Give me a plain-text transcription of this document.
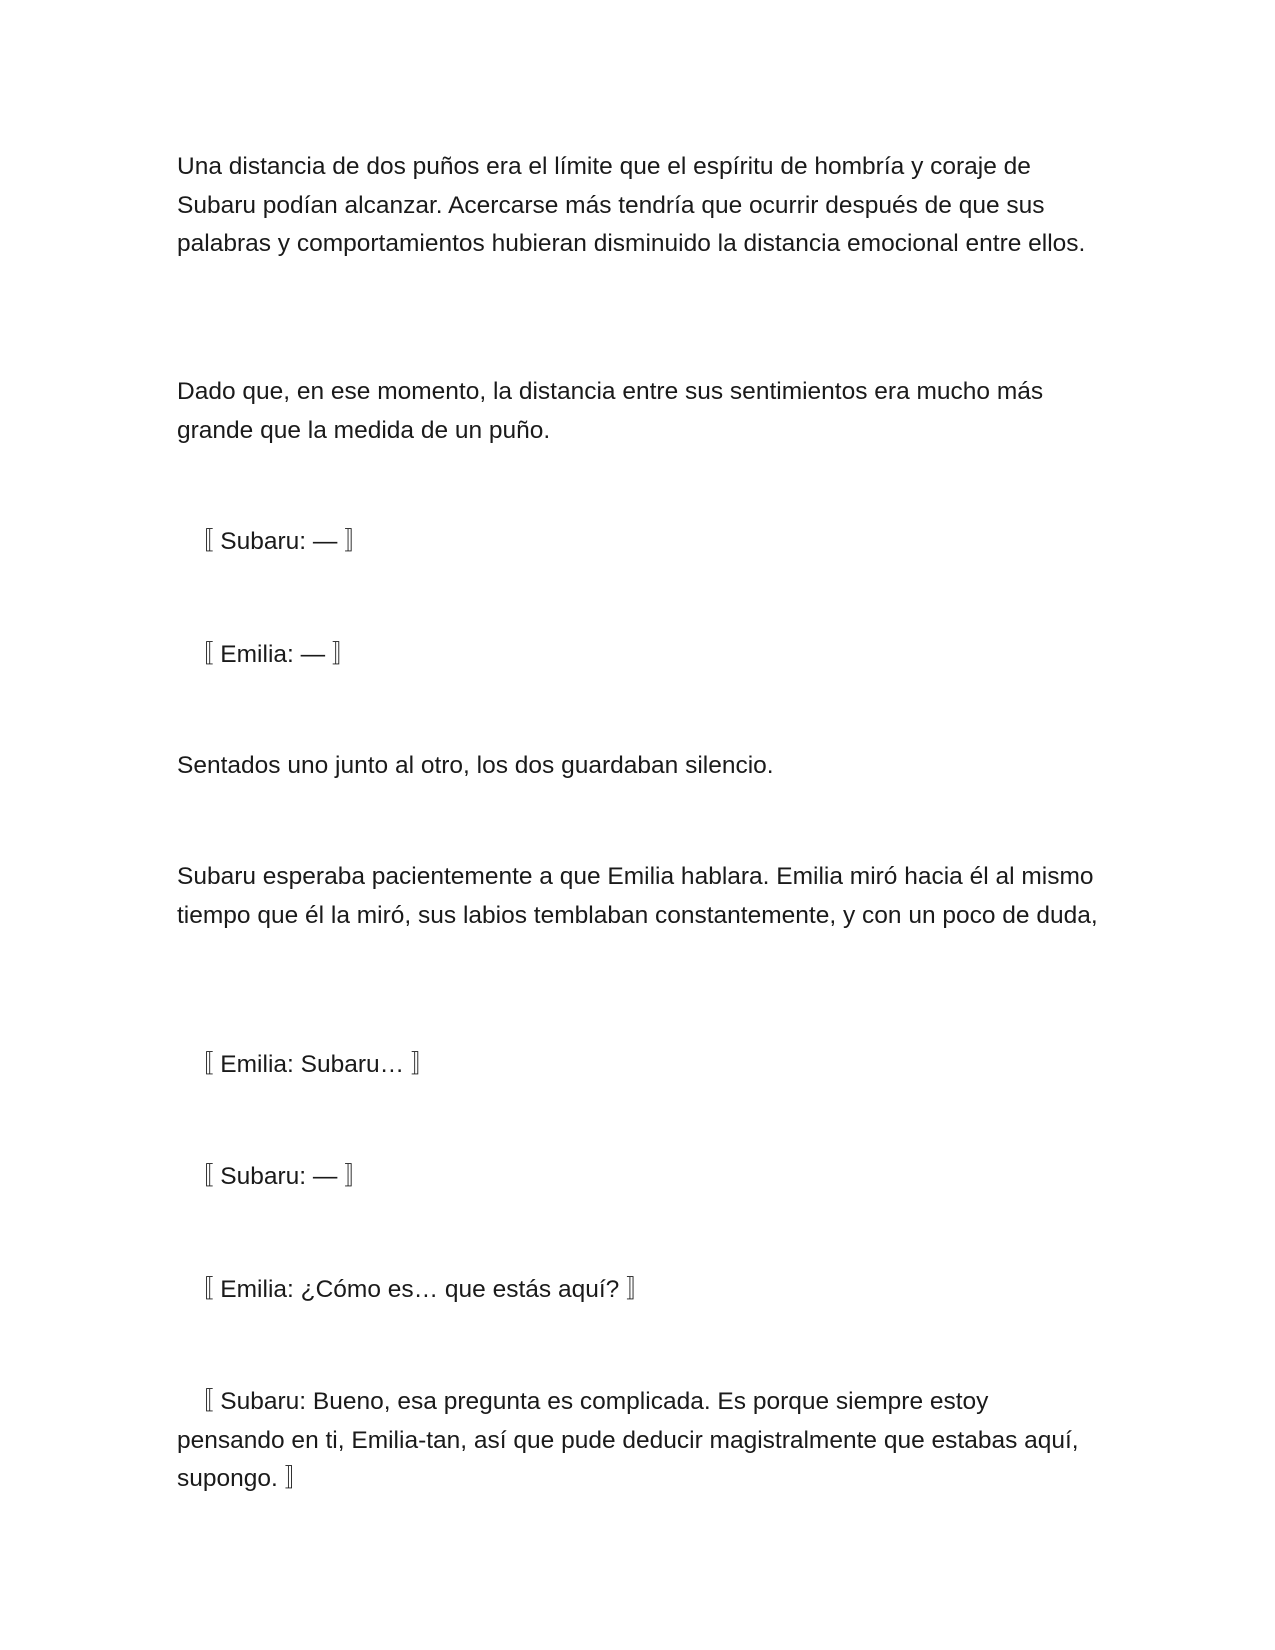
Una distancia de dos puños era el límite que el espíritu de hombría y coraje de Subaru podían alcanzar. Acercarse más tendría que ocurrir después de que sus palabras y comportamientos hubieran disminuido la distancia emocional entre ellos.

Dado que, en ese momento, la distancia entre sus sentimientos era mucho más grande que la medida de un puño.

〚 Subaru: — 〛

〚 Emilia: — 〛

Sentados uno junto al otro, los dos guardaban silencio.

Subaru esperaba pacientemente a que Emilia hablara. Emilia miró hacia él al mismo tiempo que él la miró, sus labios temblaban constantemente, y con un poco de duda,

〚 Emilia: Subaru… 〛

〚 Subaru: — 〛

〚 Emilia: ¿Cómo es… que estás aquí? 〛

〚 Subaru: Bueno, esa pregunta es complicada. Es porque siempre estoy pensando en ti, Emilia-tan, así que pude deducir magistralmente que estabas aquí, supongo. 〛
